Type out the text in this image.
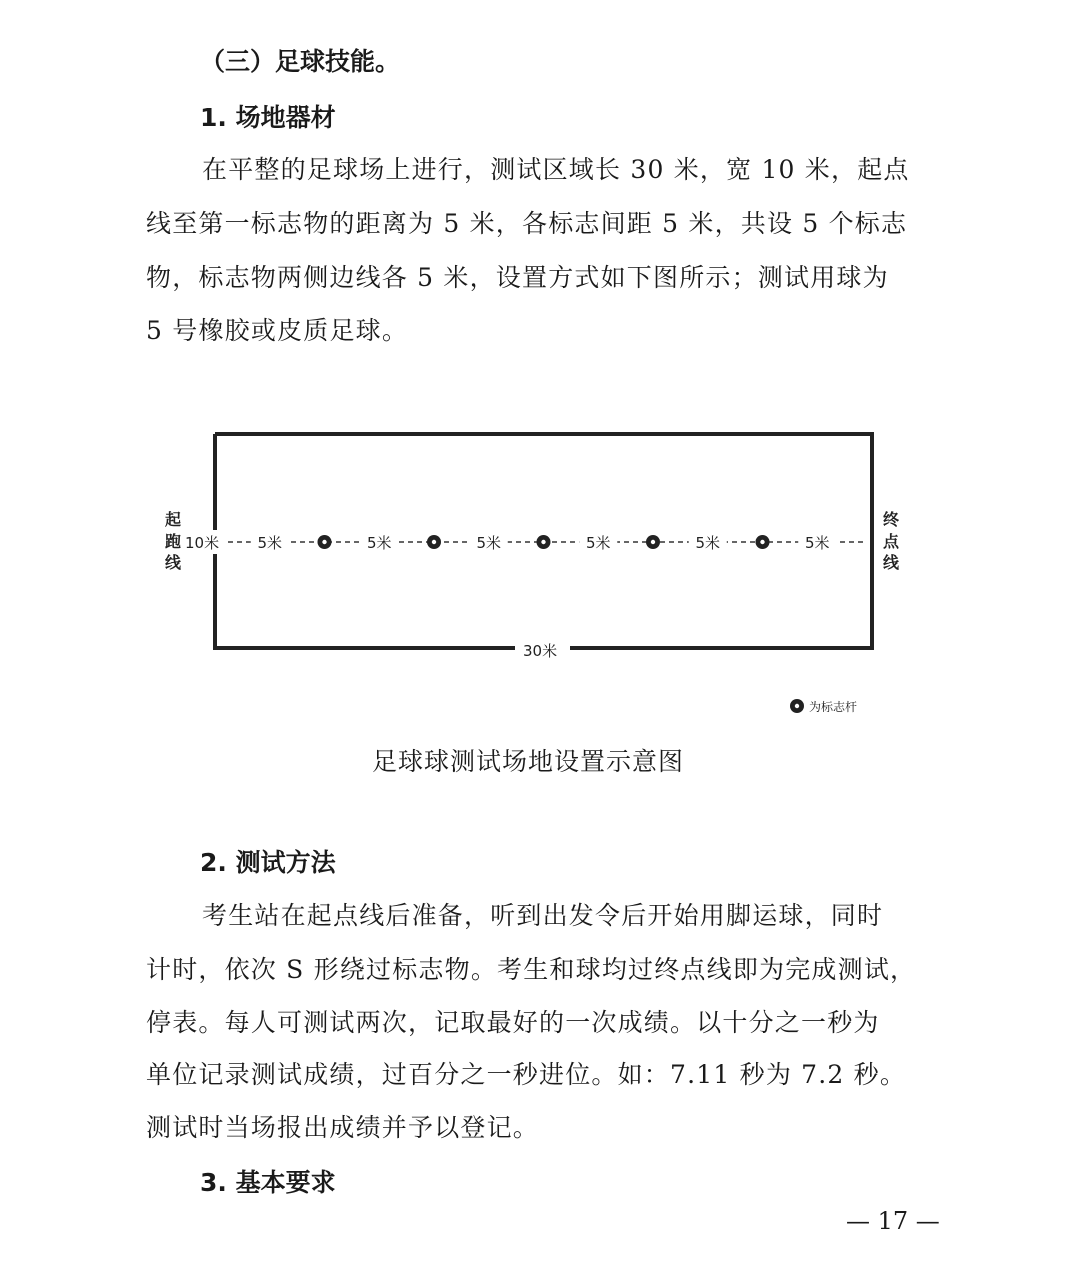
（三）足球技能。
1. 场地器材
在平整的足球场上进行，测试区域长 30 米，宽 10 米，起点
线至第一标志物的距离为 5 米，各标志间距 5 米，共设 5 个标志
物，标志物两侧边线各 5 米，设置方式如下图所示；测试用球为
5 号橡胶或皮质足球。
5米	5米	5米	5米	5米	5米
10米
30米
起
跑
线
终
点
线
为标志杆
足球球测试场地设置示意图
2. 测试方法
考生站在起点线后准备，听到出发令后开始用脚运球，同时
计时，依次 S 形绕过标志物。考生和球均过终点线即为完成测试，
停表。每人可测试两次，记取最好的一次成绩。以十分之一秒为
单位记录测试成绩，过百分之一秒进位。如：7.11 秒为 7.2 秒。
测试时当场报出成绩并予以登记。
3. 基本要求
— 17 —
